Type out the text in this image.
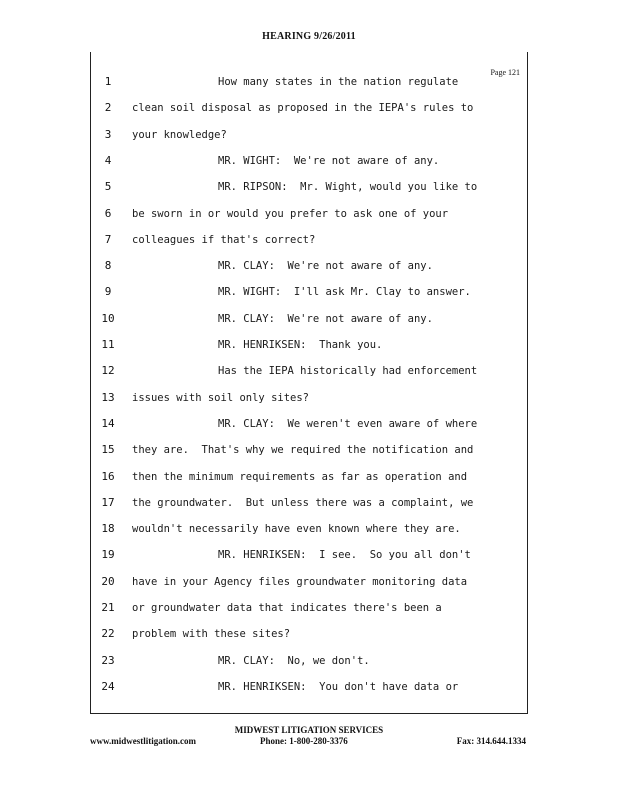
HEARING 9/26/2011
Page 121
1	How many states in the nation regulate
2	clean soil disposal as proposed in the IEPA's rules to
3	your knowledge?
4	MR. WIGHT:  We're not aware of any.
5	MR. RIPSON:  Mr. Wight, would you like to
6	be sworn in or would you prefer to ask one of your
7	colleagues if that's correct?
8	MR. CLAY:  We're not aware of any.
9	MR. WIGHT:  I'll ask Mr. Clay to answer.
10	MR. CLAY:  We're not aware of any.
11	MR. HENRIKSEN:  Thank you.
12	Has the IEPA historically had enforcement
13	issues with soil only sites?
14	MR. CLAY:  We weren't even aware of where
15	they are.  That's why we required the notification and
16	then the minimum requirements as far as operation and
17	the groundwater.  But unless there was a complaint, we
18	wouldn't necessarily have even known where they are.
19	MR. HENRIKSEN:  I see.  So you all don't
20	have in your Agency files groundwater monitoring data
21	or groundwater data that indicates there's been a
22	problem with these sites?
23	MR. CLAY:  No, we don't.
24	MR. HENRIKSEN:  You don't have data or
MIDWEST LITIGATION SERVICES
www.midwestlitigation.com	Phone: 1-800-280-3376	Fax: 314.644.1334
